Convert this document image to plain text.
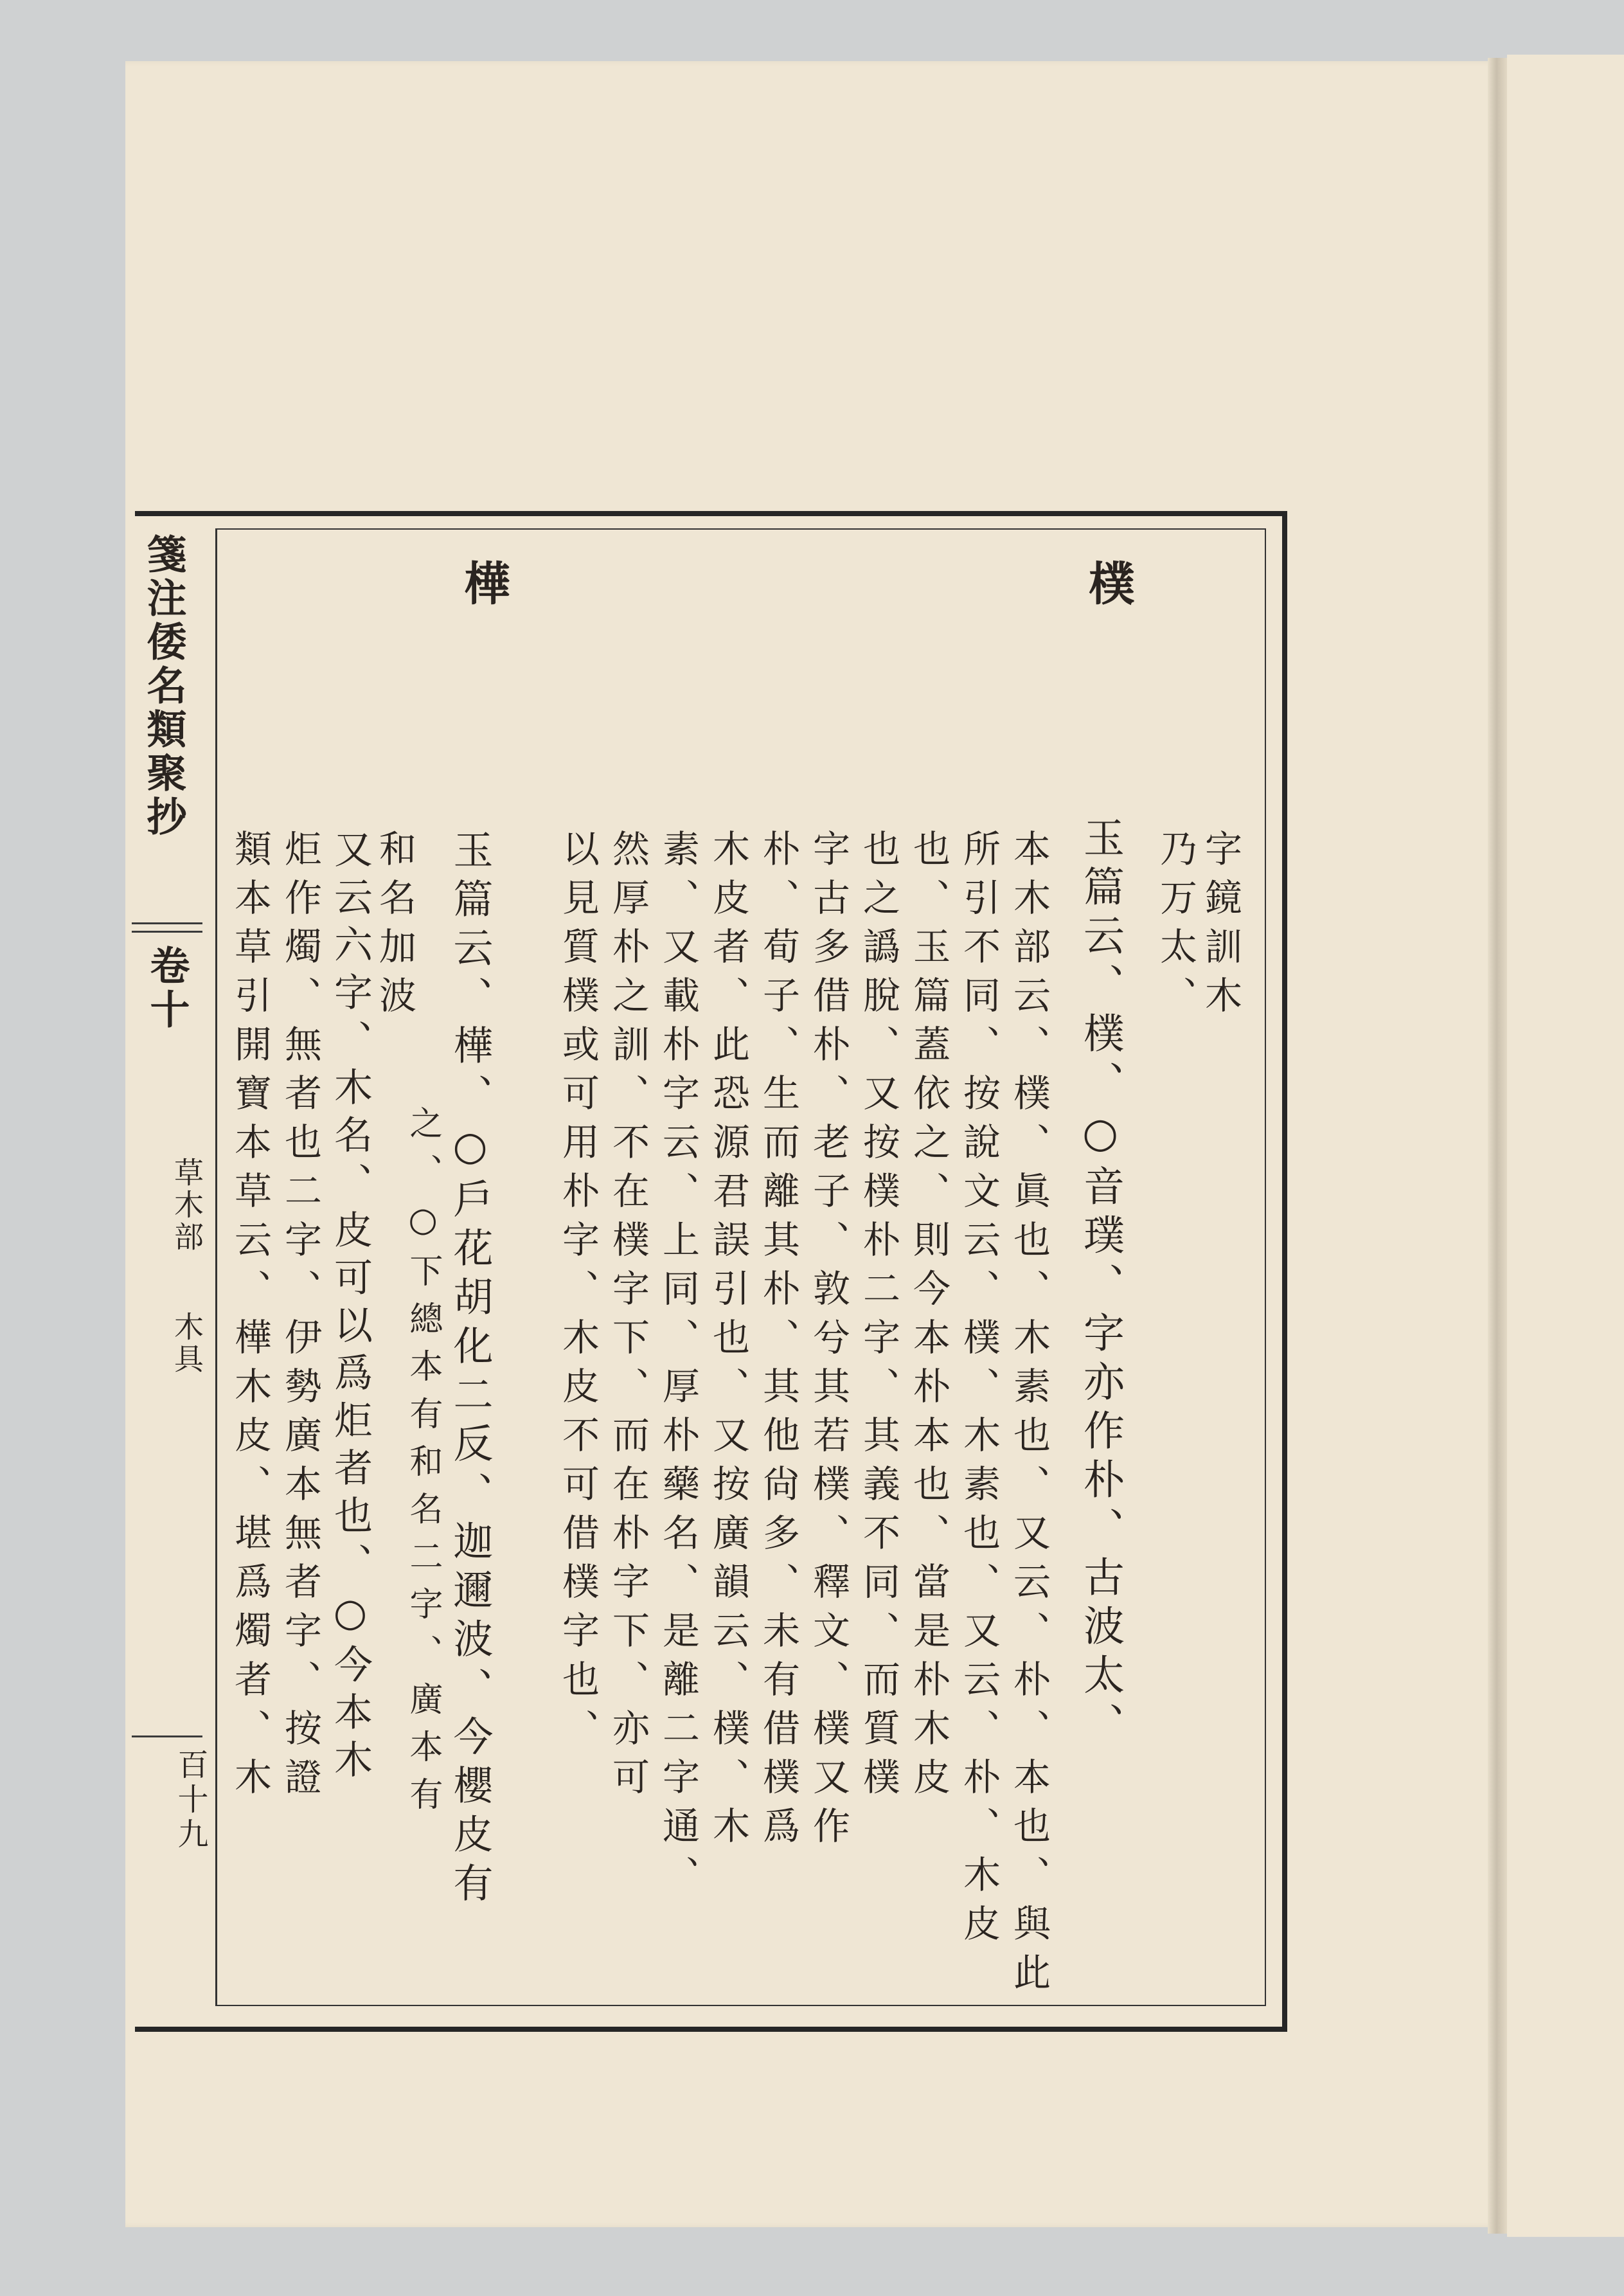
箋注倭名類聚抄
卷十
草木部
木具
百十九
樸
字鏡訓木
乃万太、
玉篇云、樸、○音璞、字亦作朴、古波太、
本木部云、樸、眞也、木素也、又云、朴、本也、與此
所引不同、按說文云、樸、木素也、又云、朴、木皮
也、玉篇蓋依之、則今本朴本也、當是朴木皮
也之譌脫、又按樸朴二字、其義不同、而質樸
字古多借朴、老子、敦兮其若樸、釋文、樸又作
朴、荀子、生而離其朴、其他尙多、未有借樸爲
木皮者、此恐源君誤引也、又按廣韻云、樸、木
素、又載朴字云、上同、厚朴藥名、是離二字通、
然厚朴之訓、不在樸字下、而在朴字下、亦可
以見質樸或可用朴字、木皮不可借樸字也、
樺
玉篇云、樺、○戶花胡化二反、迦邇波、今櫻皮有
之、○下總本有和名二字、廣本有
和名加波
又云六字、木名、皮可以爲炬者也、○今本木
炬作燭、無者也二字、伊勢廣本無者字、按證
類本草引開寶本草云、樺木皮、堪爲燭者、木
